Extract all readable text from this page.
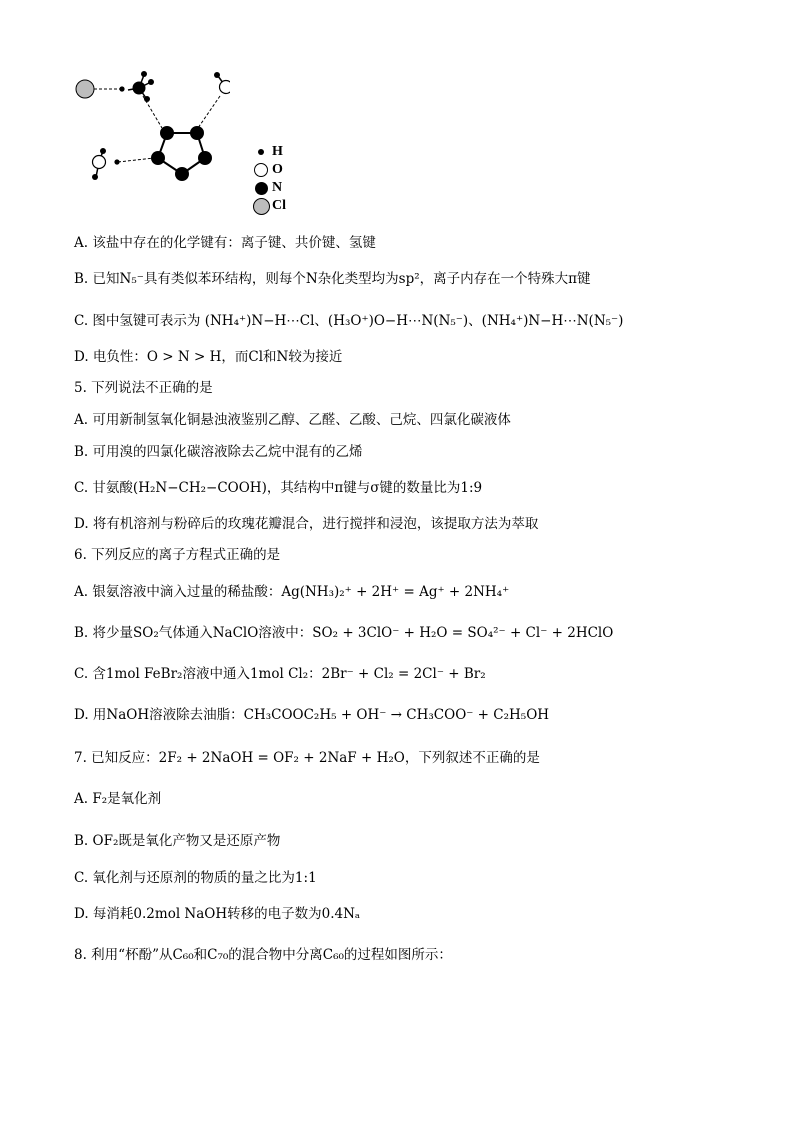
H
O
N
Cl
A. 该盐中存在的化学键有：离子键、共价键、氢键
B. 已知N₅⁻具有类似苯环结构，则每个N杂化类型均为sp²，离子内存在一个特殊大π键
C. 图中氢键可表示为 (NH₄⁺)N−H⋯Cl、(H₃O⁺)O−H⋯N(N₅⁻)、(NH₄⁺)N−H⋯N(N₅⁻)
D. 电负性：O > N > H，而Cl和N较为接近
5. 下列说法不正确的是
A. 可用新制氢氧化铜悬浊液鉴别乙醇、乙醛、乙酸、己烷、四氯化碳液体
B. 可用溴的四氯化碳溶液除去乙烷中混有的乙烯
C. 甘氨酸(H₂N−CH₂−COOH)，其结构中π键与σ键的数量比为1:9
D. 将有机溶剂与粉碎后的玫瑰花瓣混合，进行搅拌和浸泡，该提取方法为萃取
6. 下列反应的离子方程式正确的是
A. 银氨溶液中滴入过量的稀盐酸：Ag(NH₃)₂⁺ + 2H⁺ = Ag⁺ + 2NH₄⁺
B. 将少量SO₂气体通入NaClO溶液中：SO₂ + 3ClO⁻ + H₂O = SO₄²⁻ + Cl⁻ + 2HClO
C. 含1mol FeBr₂溶液中通入1mol Cl₂：2Br⁻ + Cl₂ = 2Cl⁻ + Br₂
D. 用NaOH溶液除去油脂：CH₃COOC₂H₅ + OH⁻ → CH₃COO⁻ + C₂H₅OH
7. 已知反应：2F₂ + 2NaOH = OF₂ + 2NaF + H₂O，下列叙述不正确的是
A. F₂是氧化剂
B. OF₂既是氧化产物又是还原产物
C. 氧化剂与还原剂的物质的量之比为1:1
D. 每消耗0.2mol NaOH转移的电子数为0.4Nₐ
8. 利用“杯酚”从C₆₀和C₇₀的混合物中分离C₆₀的过程如图所示：
